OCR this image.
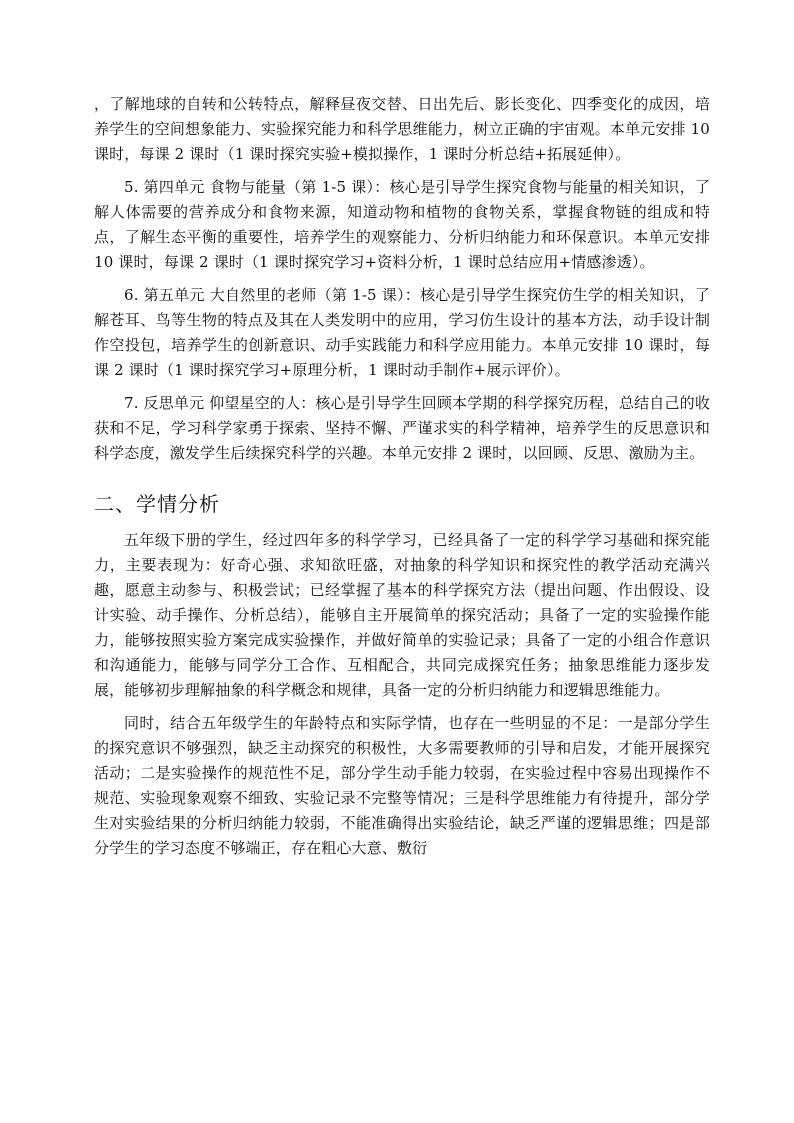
，了解地球的自转和公转特点，解释昼夜交替、日出先后、影长变化、四季变化的成因，培养学生的空间想象能力、实验探究能力和科学思维能力，树立正确的宇宙观。本单元安排 10 课时，每课 2 课时（1 课时探究实验+模拟操作，1 课时分析总结+拓展延伸）。

5. 第四单元 食物与能量（第 1-5 课）：核心是引导学生探究食物与能量的相关知识，了解人体需要的营养成分和食物来源，知道动物和植物的食物关系，掌握食物链的组成和特点，了解生态平衡的重要性，培养学生的观察能力、分析归纳能力和环保意识。本单元安排 10 课时，每课 2 课时（1 课时探究学习+资料分析，1 课时总结应用+情感渗透）。

6. 第五单元 大自然里的老师（第 1-5 课）：核心是引导学生探究仿生学的相关知识，了解苍耳、鸟等生物的特点及其在人类发明中的应用，学习仿生设计的基本方法，动手设计制作空投包，培养学生的创新意识、动手实践能力和科学应用能力。本单元安排 10 课时，每课 2 课时（1 课时探究学习+原理分析，1 课时动手制作+展示评价）。

7. 反思单元 仰望星空的人：核心是引导学生回顾本学期的科学探究历程，总结自己的收获和不足，学习科学家勇于探索、坚持不懈、严谨求实的科学精神，培养学生的反思意识和科学态度，激发学生后续探究科学的兴趣。本单元安排 2 课时，以回顾、反思、激励为主。

二、学情分析

五年级下册的学生，经过四年多的科学学习，已经具备了一定的科学学习基础和探究能力，主要表现为：好奇心强、求知欲旺盛，对抽象的科学知识和探究性的教学活动充满兴趣，愿意主动参与、积极尝试；已经掌握了基本的科学探究方法（提出问题、作出假设、设计实验、动手操作、分析总结），能够自主开展简单的探究活动；具备了一定的实验操作能力，能够按照实验方案完成实验操作，并做好简单的实验记录；具备了一定的小组合作意识和沟通能力，能够与同学分工合作、互相配合，共同完成探究任务；抽象思维能力逐步发展，能够初步理解抽象的科学概念和规律，具备一定的分析归纳能力和逻辑思维能力。

同时，结合五年级学生的年龄特点和实际学情，也存在一些明显的不足：一是部分学生的探究意识不够强烈，缺乏主动探究的积极性，大多需要教师的引导和启发，才能开展探究活动；二是实验操作的规范性不足，部分学生动手能力较弱，在实验过程中容易出现操作不规范、实验现象观察不细致、实验记录不完整等情况；三是科学思维能力有待提升，部分学生对实验结果的分析归纳能力较弱，不能准确得出实验结论，缺乏严谨的逻辑思维；四是部分学生的学习态度不够端正，存在粗心大意、敷衍
